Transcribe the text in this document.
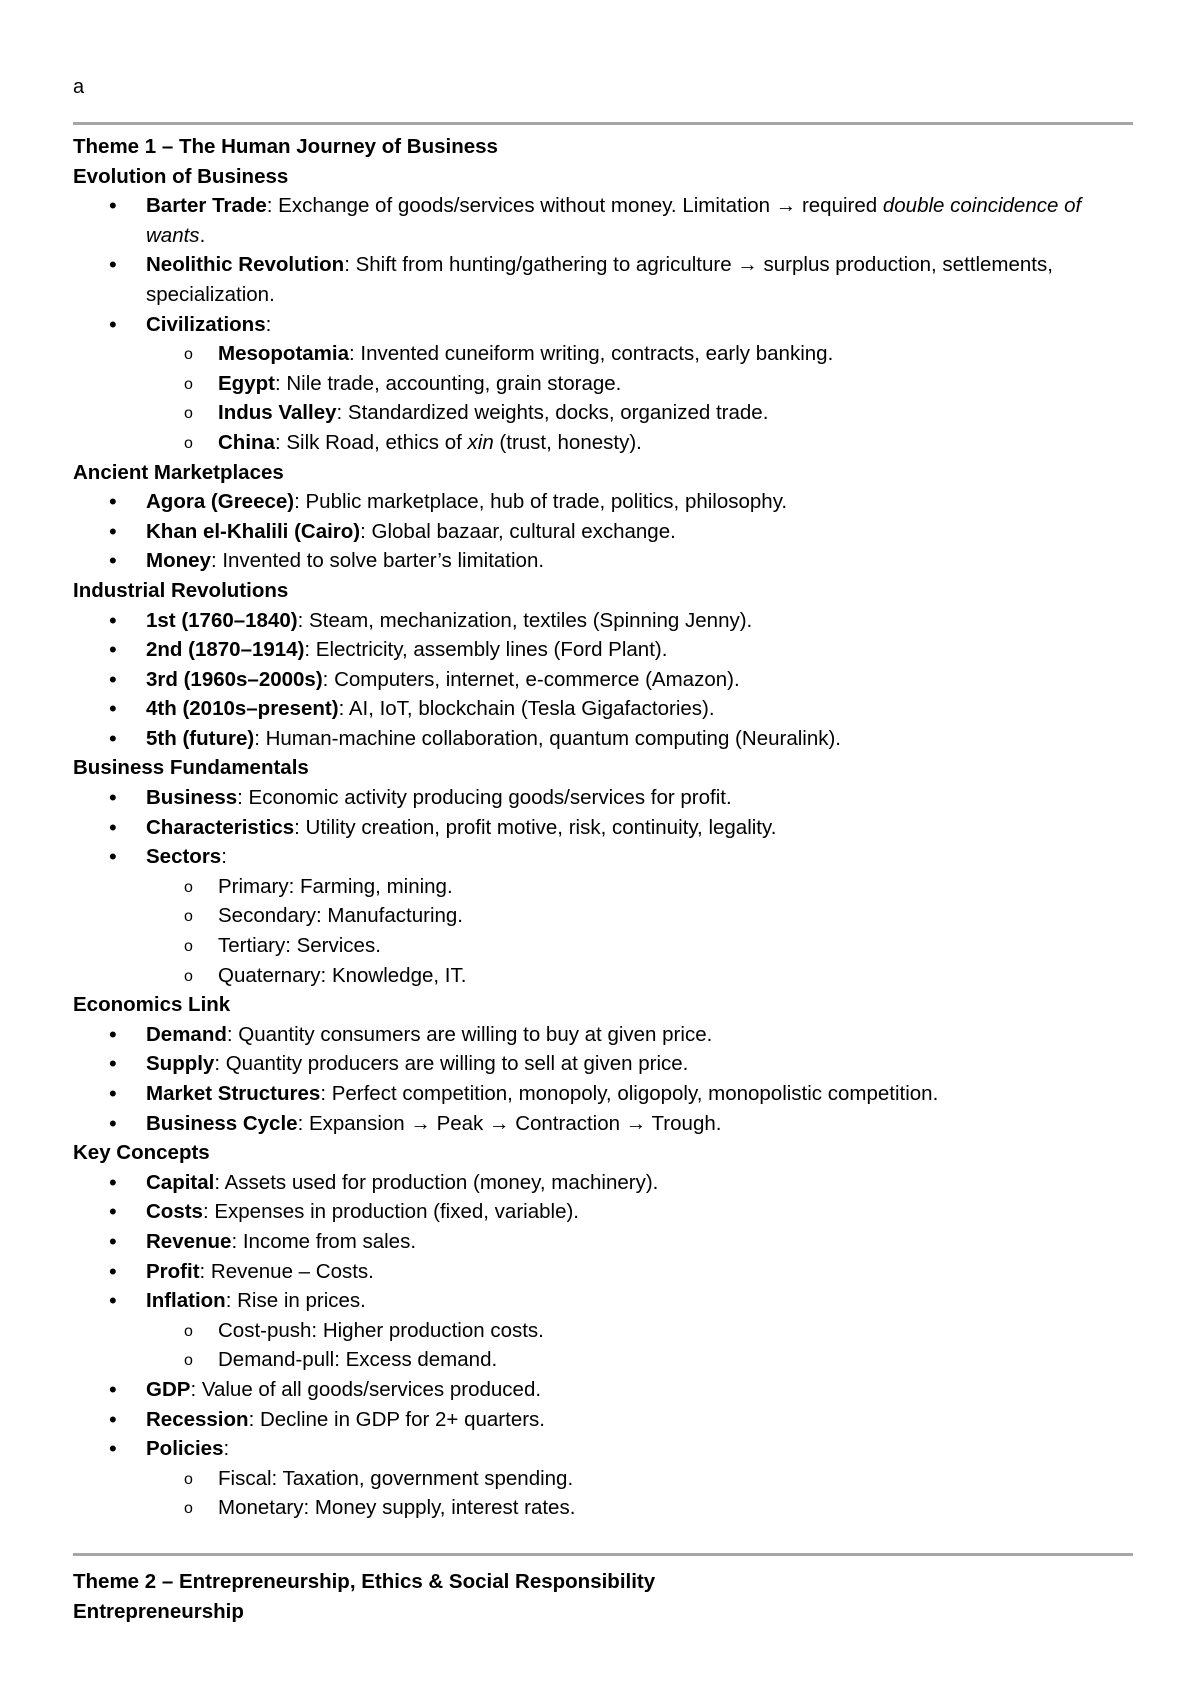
a
Theme 1 – The Human Journey of Business
Evolution of Business
• Barter Trade: Exchange of goods/services without money. Limitation → required double coincidence of wants.
• Neolithic Revolution: Shift from hunting/gathering to agriculture → surplus production, settlements, specialization.
• Civilizations:
o Mesopotamia: Invented cuneiform writing, contracts, early banking.
o Egypt: Nile trade, accounting, grain storage.
o Indus Valley: Standardized weights, docks, organized trade.
o China: Silk Road, ethics of xin (trust, honesty).
Ancient Marketplaces
• Agora (Greece): Public marketplace, hub of trade, politics, philosophy.
• Khan el-Khalili (Cairo): Global bazaar, cultural exchange.
• Money: Invented to solve barter’s limitation.
Industrial Revolutions
• 1st (1760–1840): Steam, mechanization, textiles (Spinning Jenny).
• 2nd (1870–1914): Electricity, assembly lines (Ford Plant).
• 3rd (1960s–2000s): Computers, internet, e-commerce (Amazon).
• 4th (2010s–present): AI, IoT, blockchain (Tesla Gigafactories).
• 5th (future): Human-machine collaboration, quantum computing (Neuralink).
Business Fundamentals
• Business: Economic activity producing goods/services for profit.
• Characteristics: Utility creation, profit motive, risk, continuity, legality.
• Sectors:
o Primary: Farming, mining.
o Secondary: Manufacturing.
o Tertiary: Services.
o Quaternary: Knowledge, IT.
Economics Link
• Demand: Quantity consumers are willing to buy at given price.
• Supply: Quantity producers are willing to sell at given price.
• Market Structures: Perfect competition, monopoly, oligopoly, monopolistic competition.
• Business Cycle: Expansion → Peak → Contraction → Trough.
Key Concepts
• Capital: Assets used for production (money, machinery).
• Costs: Expenses in production (fixed, variable).
• Revenue: Income from sales.
• Profit: Revenue – Costs.
• Inflation: Rise in prices.
o Cost-push: Higher production costs.
o Demand-pull: Excess demand.
• GDP: Value of all goods/services produced.
• Recession: Decline in GDP for 2+ quarters.
• Policies:
o Fiscal: Taxation, government spending.
o Monetary: Money supply, interest rates.
Theme 2 – Entrepreneurship, Ethics & Social Responsibility
Entrepreneurship
